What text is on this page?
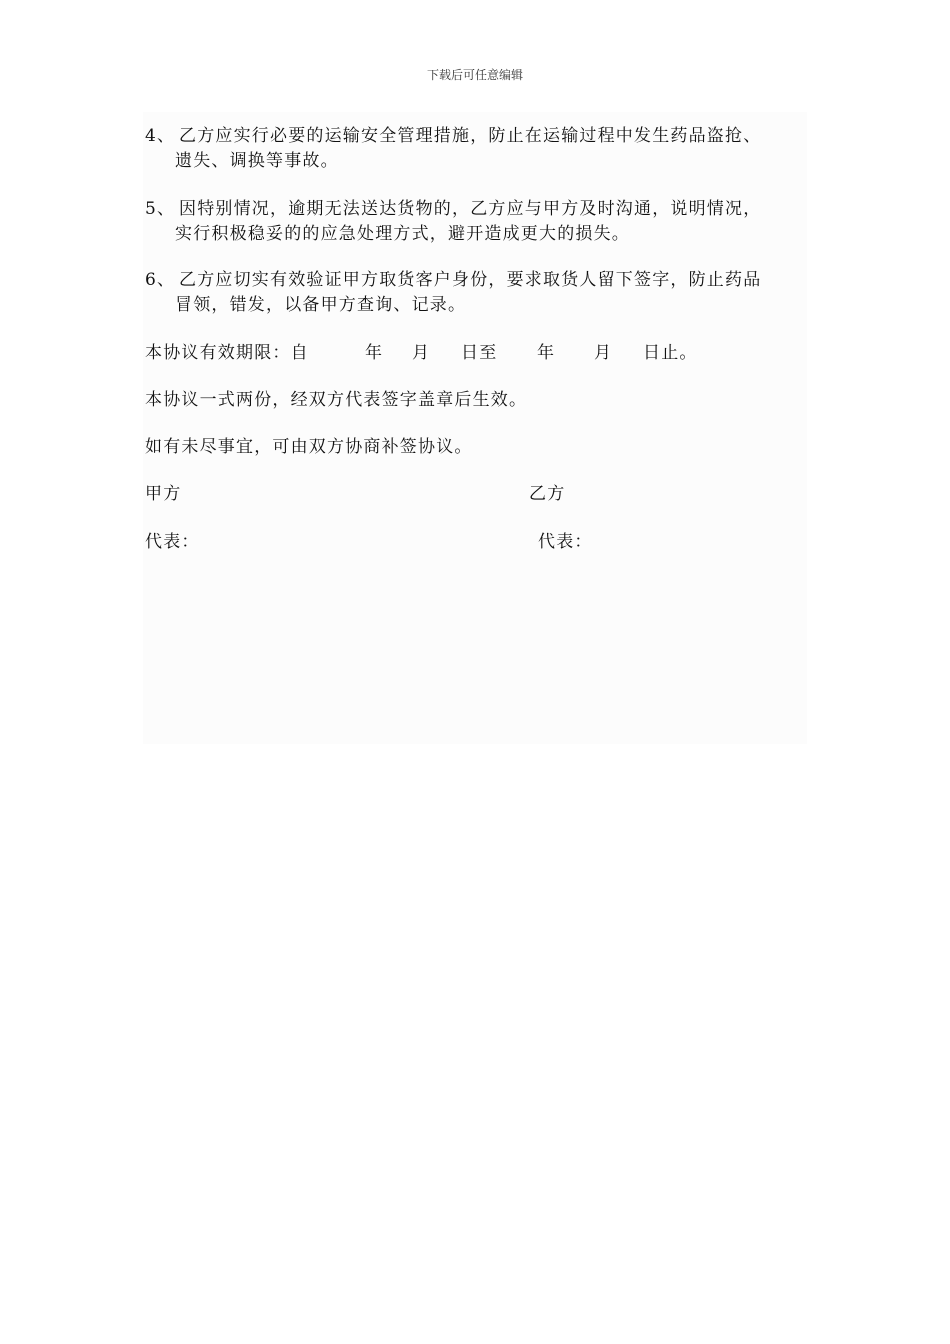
下载后可任意编辑
4、 乙方应实行必要的运输安全管理措施，防止在运输过程中发生药品盗抢、
遗失、调换等事故。
5、 因特别情况，逾期无法送达货物的，乙方应与甲方及时沟通，说明情况，
实行积极稳妥的的应急处理方式，避开造成更大的损失。
6、 乙方应切实有效验证甲方取货客户身份，要求取货人留下签字，防止药品
冒领，错发，以备甲方查询、记录。
本协议有效期限：自	年 月 日至 年 月 日止。
本协议一式两份，经双方代表签字盖章后生效。
如有未尽事宜，可由双方协商补签协议。
甲方	乙方
代表：	代表：
